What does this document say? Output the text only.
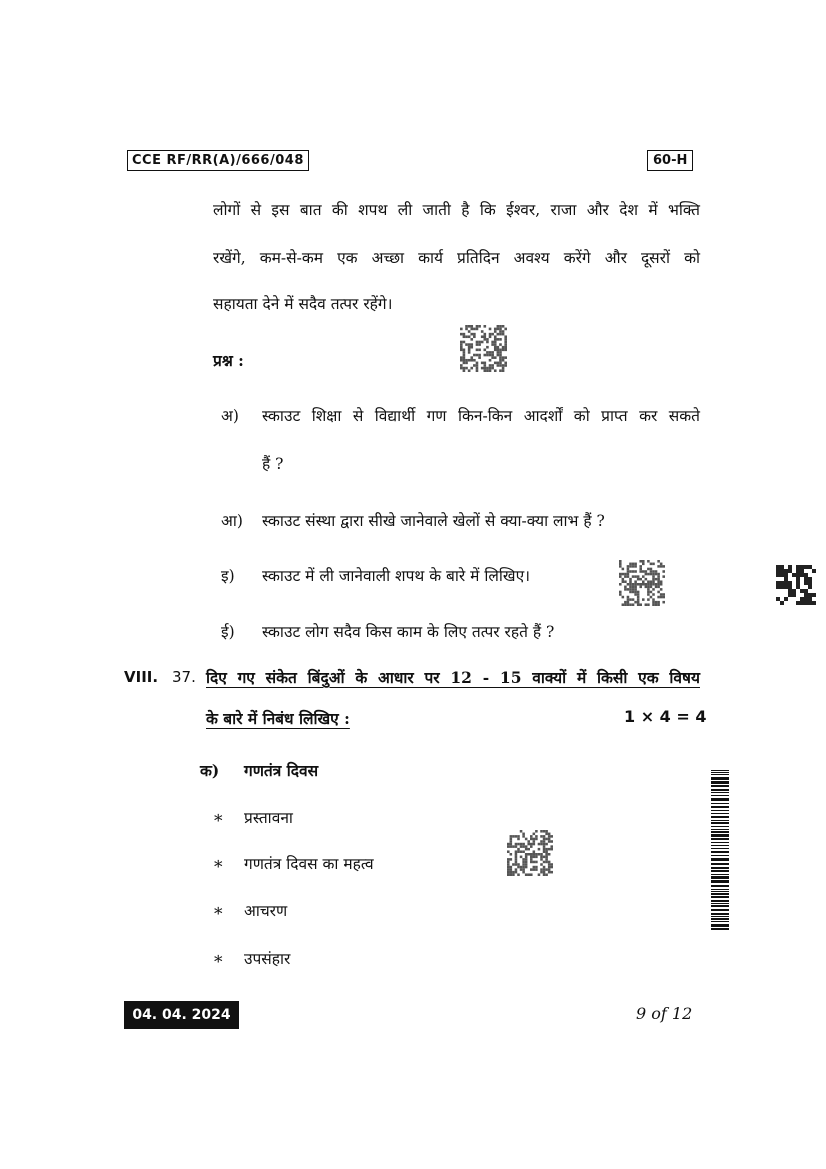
CCE RF/RR(A)/666/048	60-H
लोगों से इस बात की शपथ ली जाती है कि ईश्वर, राजा और देश में भक्ति
रखेंगे, कम-से-कम एक अच्छा कार्य प्रतिदिन अवश्य करेंगे और दूसरों को
सहायता देने में सदैव तत्पर रहेंगे।
प्रश्न :
अ) स्काउट शिक्षा से विद्यार्थी गण किन-किन आदर्शों को प्राप्त कर सकते
हैं ?
आ) स्काउट संस्था द्वारा सीखे जानेवाले खेलों से क्या-क्या लाभ हैं ?
इ) स्काउट में ली जानेवाली शपथ के बारे में लिखिए।
ई) स्काउट लोग सदैव किस काम के लिए तत्पर रहते हैं ?
VIII. 37. दिए गए संकेत बिंदुओं के आधार पर 12 - 15 वाक्यों में किसी एक विषय
के बारे में निबंध लिखिए :	1 × 4 = 4
क) गणतंत्र दिवस
⁎ प्रस्तावना
⁎ गणतंत्र दिवस का महत्व
⁎ आचरण
⁎ उपसंहार
04. 04. 2024	9 of 12
